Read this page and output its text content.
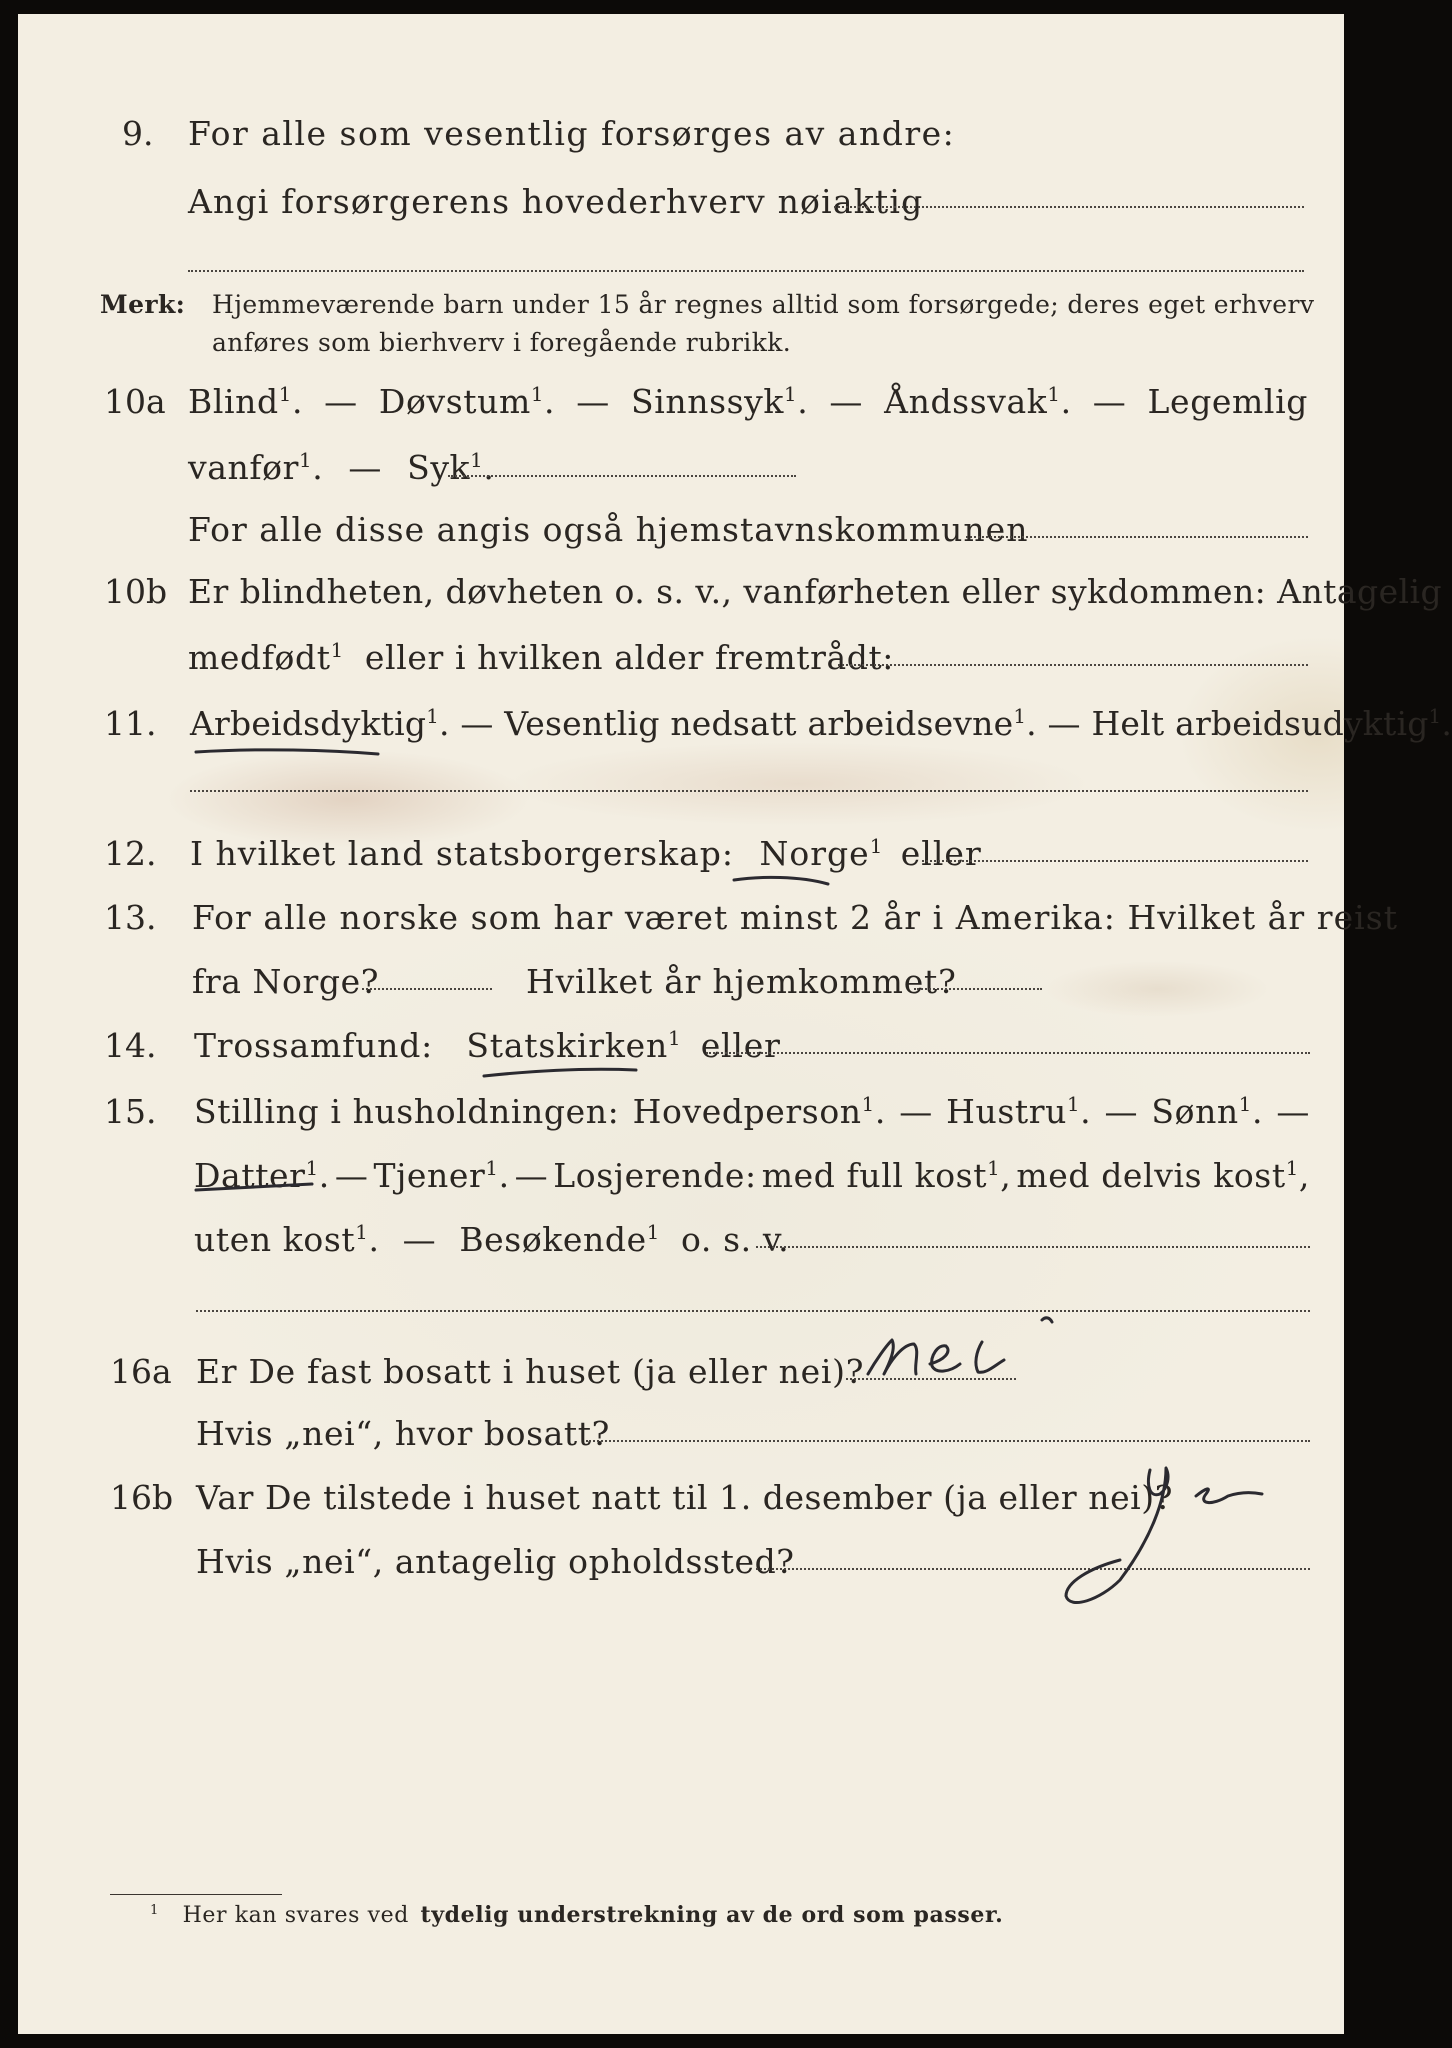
9. For alle som vesentlig forsørges av andre:
Angi forsørgerens hovederhverv nøiaktig
Merk: Hjemmeværende barn under 15 år regnes alltid som forsørgede; deres eget erhverv
anføres som bierhverv i foregående rubrikk.
10a Blind$^1$. — Døvstum$^1$. — Sinnssyk$^1$. — Åndssvak$^1$. — Legemlig
vanfør$^1$. — Syk$^1$.
For alle disse angis også hjemstavnskommunen
10b Er blindheten, døvheten o. s. v., vanførheten eller sykdommen: Antagelig
medfødt$^1$ eller i hvilken alder fremtrådt:
11. Arbeidsdyktig$^1$. — Vesentlig nedsatt arbeidsevne$^1$. — Helt arbeidsudyktig$^1$.
12. I hvilket land statsborgerskap: Norge$^1$ eller
13. For alle norske som har været minst 2 år i Amerika: Hvilket år reist
fra Norge?	Hvilket år hjemkommet?
14. Trossamfund: Statskirken$^1$ eller
15. Stilling i husholdningen: Hovedperson$^1$. — Hustru$^1$. — Sønn$^1$. —
Datter$^1$. — Tjener$^1$. — Losjerende: med full kost$^1$, med delvis kost$^1$,
uten kost$^1$. — Besøkende$^1$ o. s. v.
16a Er De fast bosatt i huset (ja eller nei)?
Hvis „nei“, hvor bosatt?
16b Var De tilstede i huset natt til 1. desember (ja eller nei)?
Hvis „nei“, antagelig opholdssted?
$^1$ Her kan svares ved tydelig understrekning av de ord som passer.
